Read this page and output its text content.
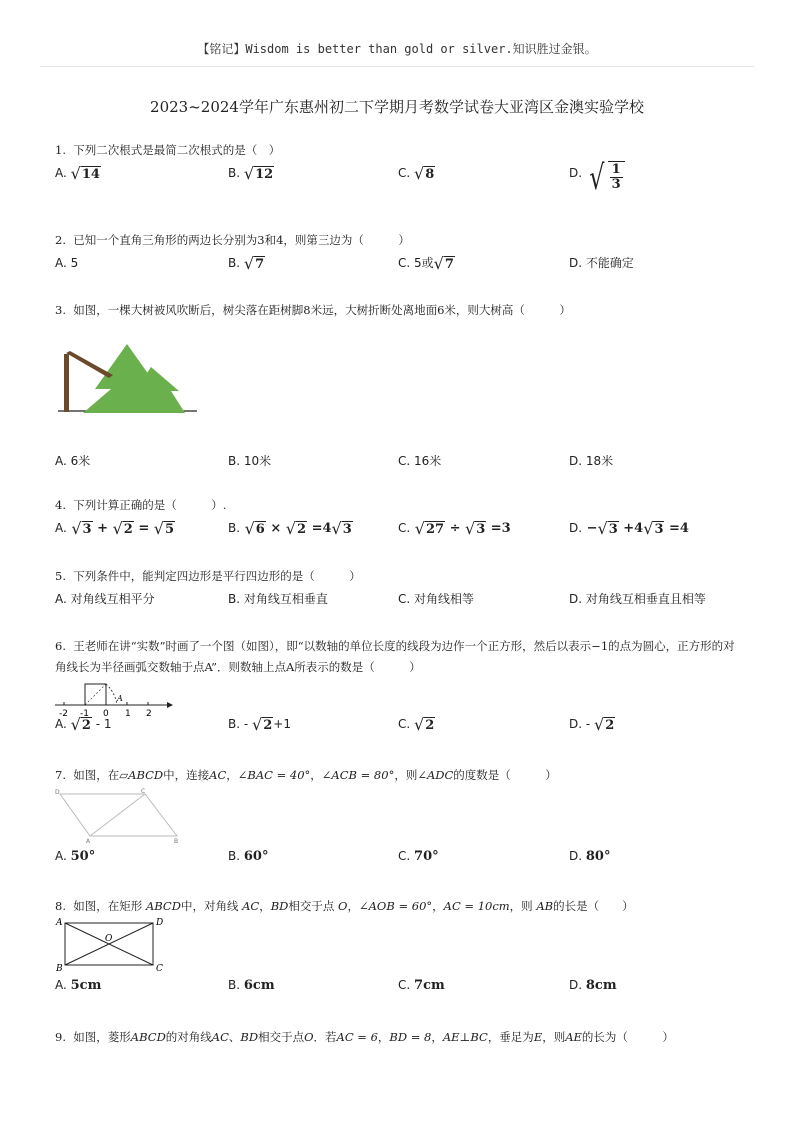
【铭记】Wisdom is better than gold or silver.知识胜过金银。
2023~2024学年广东惠州初二下学期月考数学试卷大亚湾区金澳实验学校
1. 下列二次根式是最简二次根式的是（　）
A. √ 14	B. √ 12	C. √ 8	D. √ $\frac{1}{3}$
2. 已知一个直角三角形的两边长分别为3和4，则第三边为（　　　）
A. 5	B. √ 7	C. 5或 √ 7	D. 不能确定
3. 如图，一棵大树被风吹断后，树尖落在距树脚8米远，大树折断处离地面6米，则大树高（　　　）
A. 6米	B. 10米	C. 16米	D. 18米
4. 下列计算正确的是（　　　）.
A. √ 3 + √ 2 = √ 5	B. √ 6 × √ 2 =4 √ 3	C. √ 27 ÷ √ 3 =3	D. − √ 3 +4 √ 3 =4
5. 下列条件中，能判定四边形是平行四边形的是（　　　）
A. 对角线互相平分	B. 对角线互相垂直	C. 对角线相等	D. 对角线互相垂直且相等
6. 王老师在讲“实数”时画了一个图（如图），即“以数轴的单位长度的线段为边作一个正方形，然后以表示−1的点为圆心，正方形的对角线长为半径画弧交数轴于点A”．则数轴上点A所表示的数是（　　　）
-2 -1 0 1 2
A
A. √ 2 - 1	B. - √ 2 +1	C. √ 2	D. - √ 2
7. 如图，在▱ABCD中，连接AC，∠BAC = 40°，∠ACB = 80°，则∠ADC的度数是（　　　）
D	C
A	B
A. 50°	B. 60°	C. 70°	D. 80°
8. 如图，在矩形 ABCD中，对角线 AC，BD相交于点 O，∠AOB = 60°，AC = 10cm，则 AB的长是（　　）
A	D
B	C
O
A. 5cm	B. 6cm	C. 7cm	D. 8cm
9. 如图，菱形ABCD的对角线AC、BD相交于点O．若AC = 6，BD = 8，AE⊥BC，垂足为E，则AE的长为（　　　）
